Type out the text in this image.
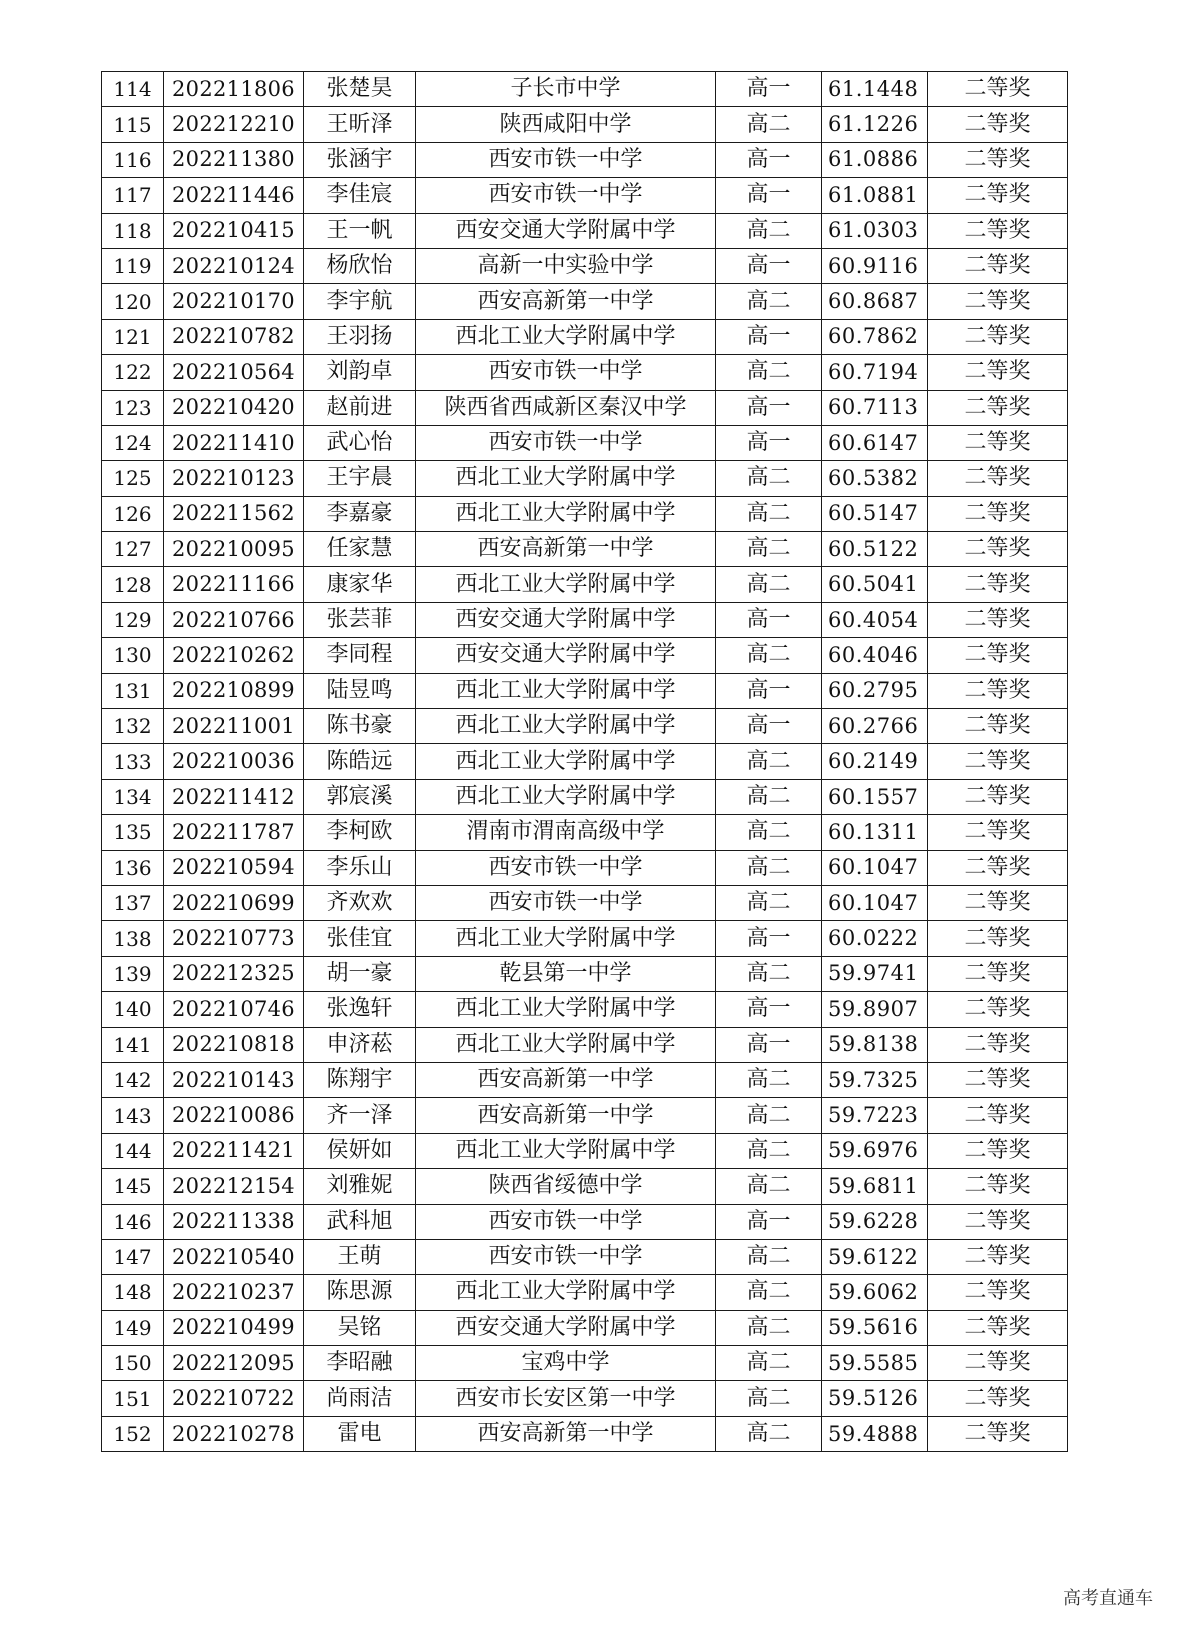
114	202211806	张楚昊	子长市中学	高一	61.1448	二等奖
115	202212210	王昕泽	陕西咸阳中学	高二	61.1226	二等奖
116	202211380	张涵宇	西安市铁一中学	高一	61.0886	二等奖
117	202211446	李佳宸	西安市铁一中学	高一	61.0881	二等奖
118	202210415	王一帆	西安交通大学附属中学	高二	61.0303	二等奖
119	202210124	杨欣怡	高新一中实验中学	高一	60.9116	二等奖
120	202210170	李宇航	西安高新第一中学	高二	60.8687	二等奖
121	202210782	王羽扬	西北工业大学附属中学	高一	60.7862	二等奖
122	202210564	刘韵卓	西安市铁一中学	高二	60.7194	二等奖
123	202210420	赵前进	陕西省西咸新区秦汉中学	高一	60.7113	二等奖
124	202211410	武心怡	西安市铁一中学	高一	60.6147	二等奖
125	202210123	王宇晨	西北工业大学附属中学	高二	60.5382	二等奖
126	202211562	李嘉豪	西北工业大学附属中学	高二	60.5147	二等奖
127	202210095	任家慧	西安高新第一中学	高二	60.5122	二等奖
128	202211166	康家华	西北工业大学附属中学	高二	60.5041	二等奖
129	202210766	张芸菲	西安交通大学附属中学	高一	60.4054	二等奖
130	202210262	李同程	西安交通大学附属中学	高二	60.4046	二等奖
131	202210899	陆昱鸣	西北工业大学附属中学	高一	60.2795	二等奖
132	202211001	陈书豪	西北工业大学附属中学	高一	60.2766	二等奖
133	202210036	陈皓远	西北工业大学附属中学	高二	60.2149	二等奖
134	202211412	郭宸溪	西北工业大学附属中学	高二	60.1557	二等奖
135	202211787	李柯欧	渭南市渭南高级中学	高二	60.1311	二等奖
136	202210594	李乐山	西安市铁一中学	高二	60.1047	二等奖
137	202210699	齐欢欢	西安市铁一中学	高二	60.1047	二等奖
138	202210773	张佳宜	西北工业大学附属中学	高一	60.0222	二等奖
139	202212325	胡一豪	乾县第一中学	高二	59.9741	二等奖
140	202210746	张逸轩	西北工业大学附属中学	高一	59.8907	二等奖
141	202210818	申济菘	西北工业大学附属中学	高一	59.8138	二等奖
142	202210143	陈翔宇	西安高新第一中学	高二	59.7325	二等奖
143	202210086	齐一泽	西安高新第一中学	高二	59.7223	二等奖
144	202211421	侯妍如	西北工业大学附属中学	高二	59.6976	二等奖
145	202212154	刘雅妮	陕西省绥德中学	高二	59.6811	二等奖
146	202211338	武科旭	西安市铁一中学	高一	59.6228	二等奖
147	202210540	王萌	西安市铁一中学	高二	59.6122	二等奖
148	202210237	陈思源	西北工业大学附属中学	高二	59.6062	二等奖
149	202210499	吴铭	西安交通大学附属中学	高二	59.5616	二等奖
150	202212095	李昭融	宝鸡中学	高二	59.5585	二等奖
151	202210722	尚雨洁	西安市长安区第一中学	高二	59.5126	二等奖
152	202210278	雷电	西安高新第一中学	高二	59.4888	二等奖
高考直通车
